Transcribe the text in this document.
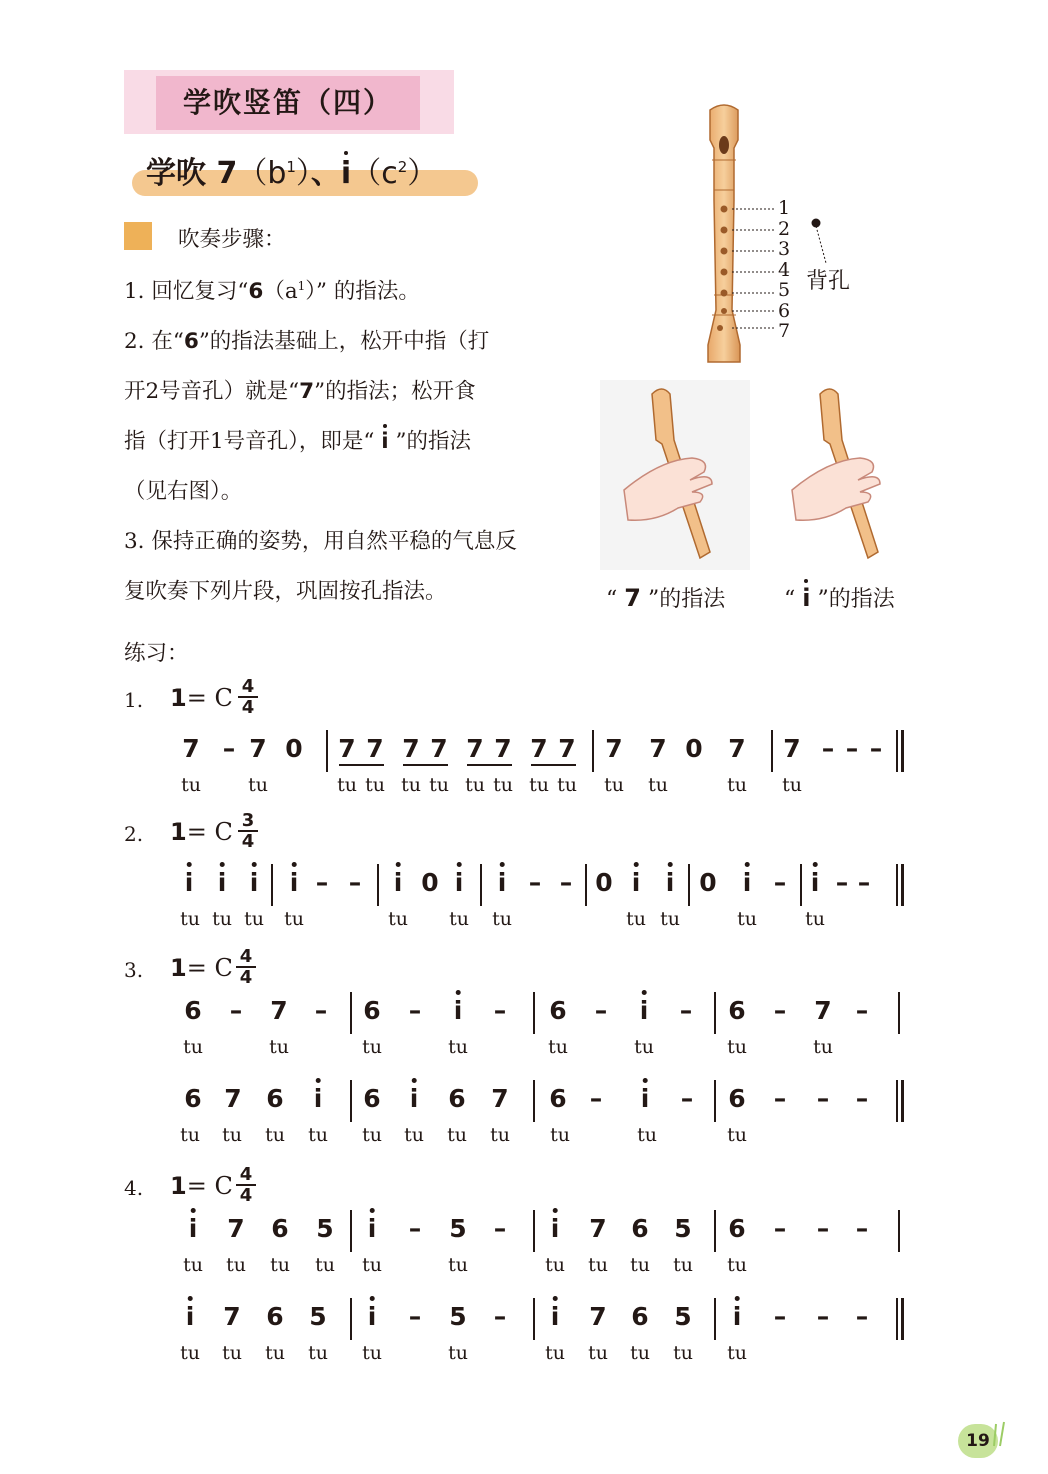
学吹竖笛（四）
学吹 $7(b^1)$、$i(c^2)$
吹奏步骤：
1. 回忆复习“$6(a^1)$” 的指法。
2. 在“6”的指法基础上，松开中指（打
开2号音孔）就是“7”的指法；松开食
指（打开1号音孔），即是“ i ”的指法
（见右图）。
3. 保持正确的姿势，用自然平稳的气息反
复吹奏下列片段，巩固按孔指法。
1
2
3
4
5
6
7
背孔
“ 7 ”的指法	“ i ”的指法
练习：
1. 1= C 4
4
2. 1= C 3
4
3. 1= C 4
4
4. 1= C 4
4
7 – 7 0 7 7 7 7 7 7 7 7 7 7 0 7 7 – – –
tu tu	tu tu tu tu tu tu tu tu tu tu	tu tu
i i i i – – i 0 i i – – 0 i i 0 i – i – –
tu tu tu tu	tu tu tu	tu tu	tu	tu
6 – 7 – 6 – i – 6 – i – 6 – 7 –
tu	tu	tu	tu	tu	tu	tu	tu
6 7 6 i 6 i 6 7 6 – i – 6 – – –
tu tu tu tu tu tu tu tu tu	tu	tu
i 7 6 5 i – 5 – i 7 6 5 6 – – –
tu tu tu tu tu	tu	tu tu tu tu tu
i 7 6 5 i – 5 – i 7 6 5 i – – –
tu tu tu tu tu	tu	tu tu tu tu tu
19
